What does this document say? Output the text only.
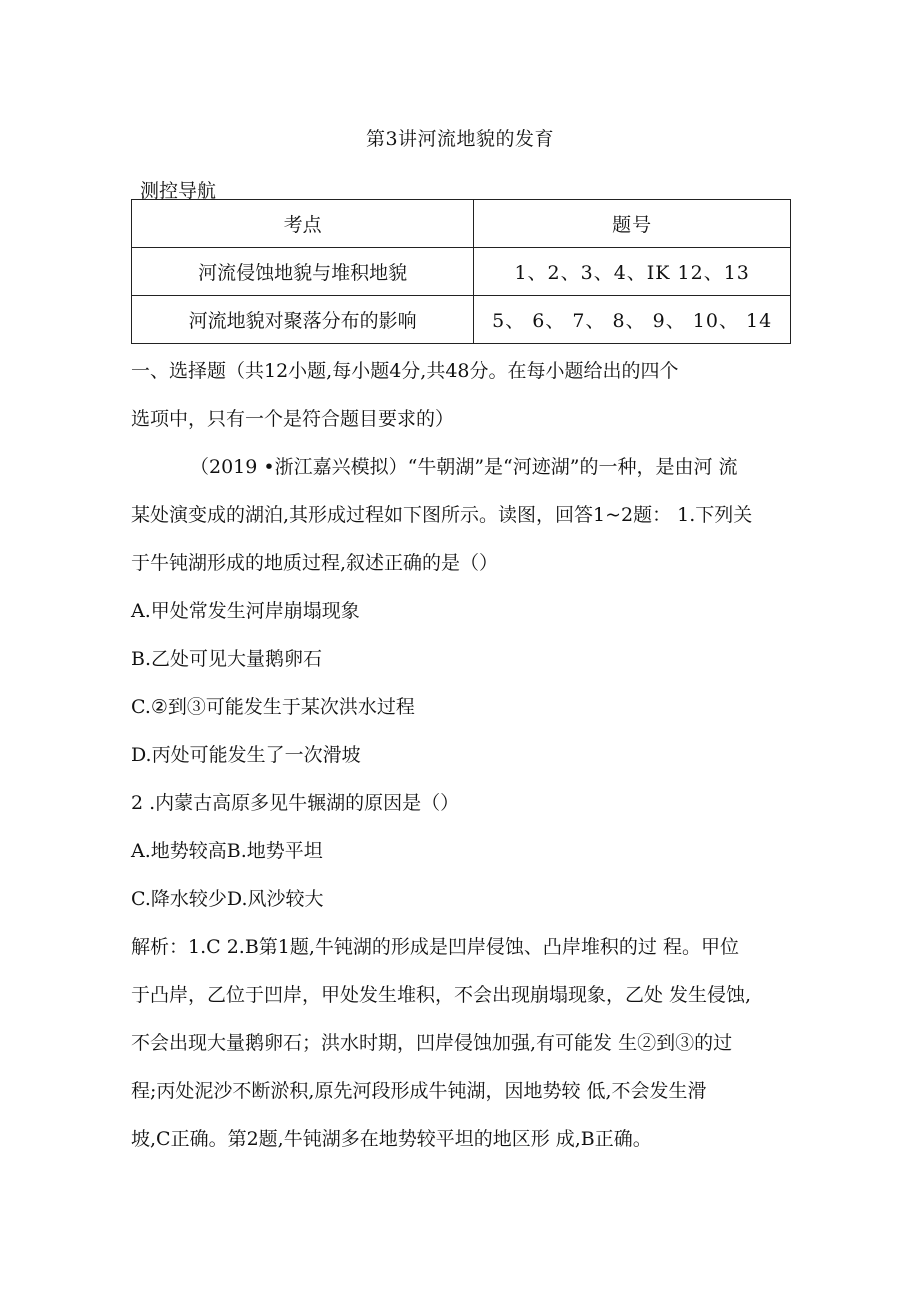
第3讲河流地貌的发育
测控导航
考点	题号
河流侵蚀地貌与堆积地貌	1、2、3、4、IK 12、13
河流地貌对聚落分布的影响	5、 6、 7、 8、 9、 10、 14
一、选择题（共12小题,每小题4分,共48分。在每小题给出的四个
选项中，只有一个是符合题目要求的）
（2019 •浙江嘉兴模拟）“牛朝湖”是“河迹湖”的一种，是由河 流
某处演变成的湖泊,其形成过程如下图所示。读图，回答1~2题： 1.下列关
于牛钝湖形成的地质过程,叙述正确的是（）
A.甲处常发生河岸崩塌现象
B.乙处可见大量鹅卵石
C.②到③可能发生于某次洪水过程
D.丙处可能发生了一次滑坡
2 .内蒙古高原多见牛辗湖的原因是（）
A.地势较高B.地势平坦
C.降水较少D.风沙较大
解析：1.C 2.B第1题,牛钝湖的形成是凹岸侵蚀、凸岸堆积的过 程。甲位
于凸岸，乙位于凹岸，甲处发生堆积，不会出现崩塌现象，乙处 发生侵蚀,
不会出现大量鹅卵石；洪水时期，凹岸侵蚀加强,有可能发 生②到③的过
程;丙处泥沙不断淤积,原先河段形成牛钝湖，因地势较 低,不会发生滑
坡,C正确。第2题,牛钝湖多在地势较平坦的地区形 成,B正确。
